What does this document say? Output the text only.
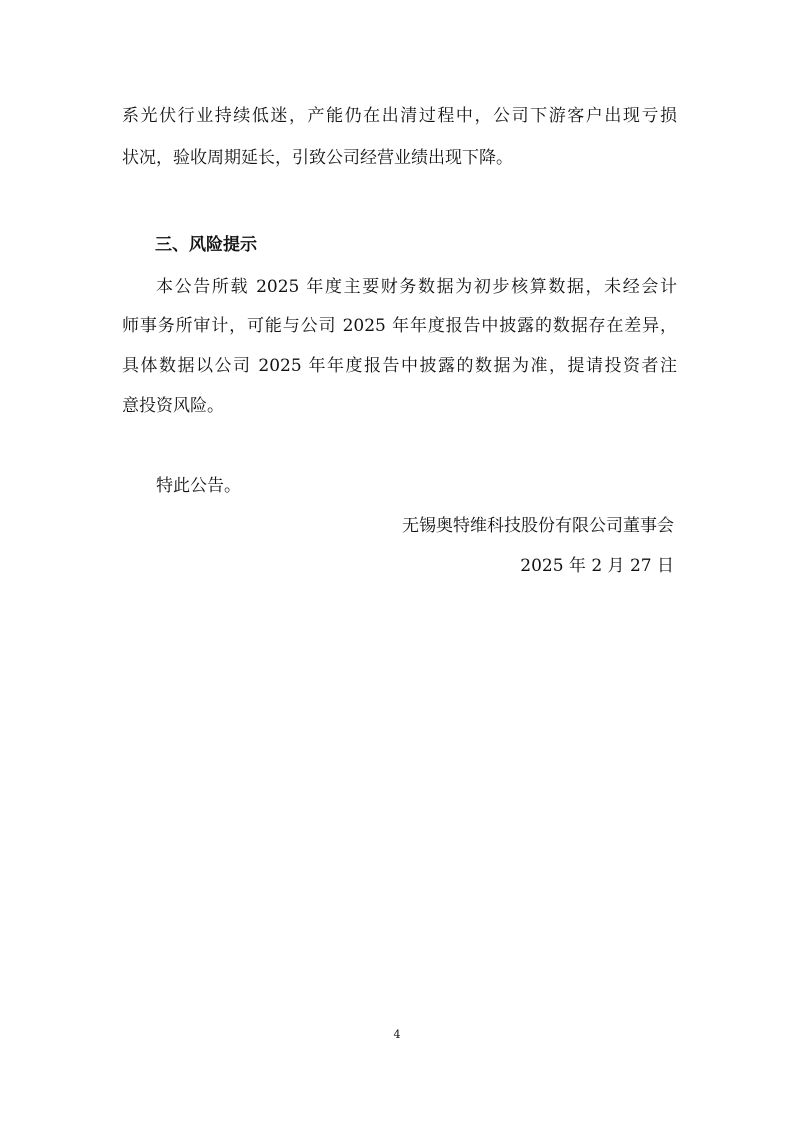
系光伏行业持续低迷，产能仍在出清过程中，公司下游客户出现亏损

状况，验收周期延长，引致公司经营业绩出现下降。

三、风险提示

本公告所载 2025 年度主要财务数据为初步核算数据，未经会计

师事务所审计，可能与公司 2025 年年度报告中披露的数据存在差异，

具体数据以公司 2025 年年度报告中披露的数据为准，提请投资者注

意投资风险。

特此公告。

无锡奥特维科技股份有限公司董事会

2025 年 2 月 27 日

4
